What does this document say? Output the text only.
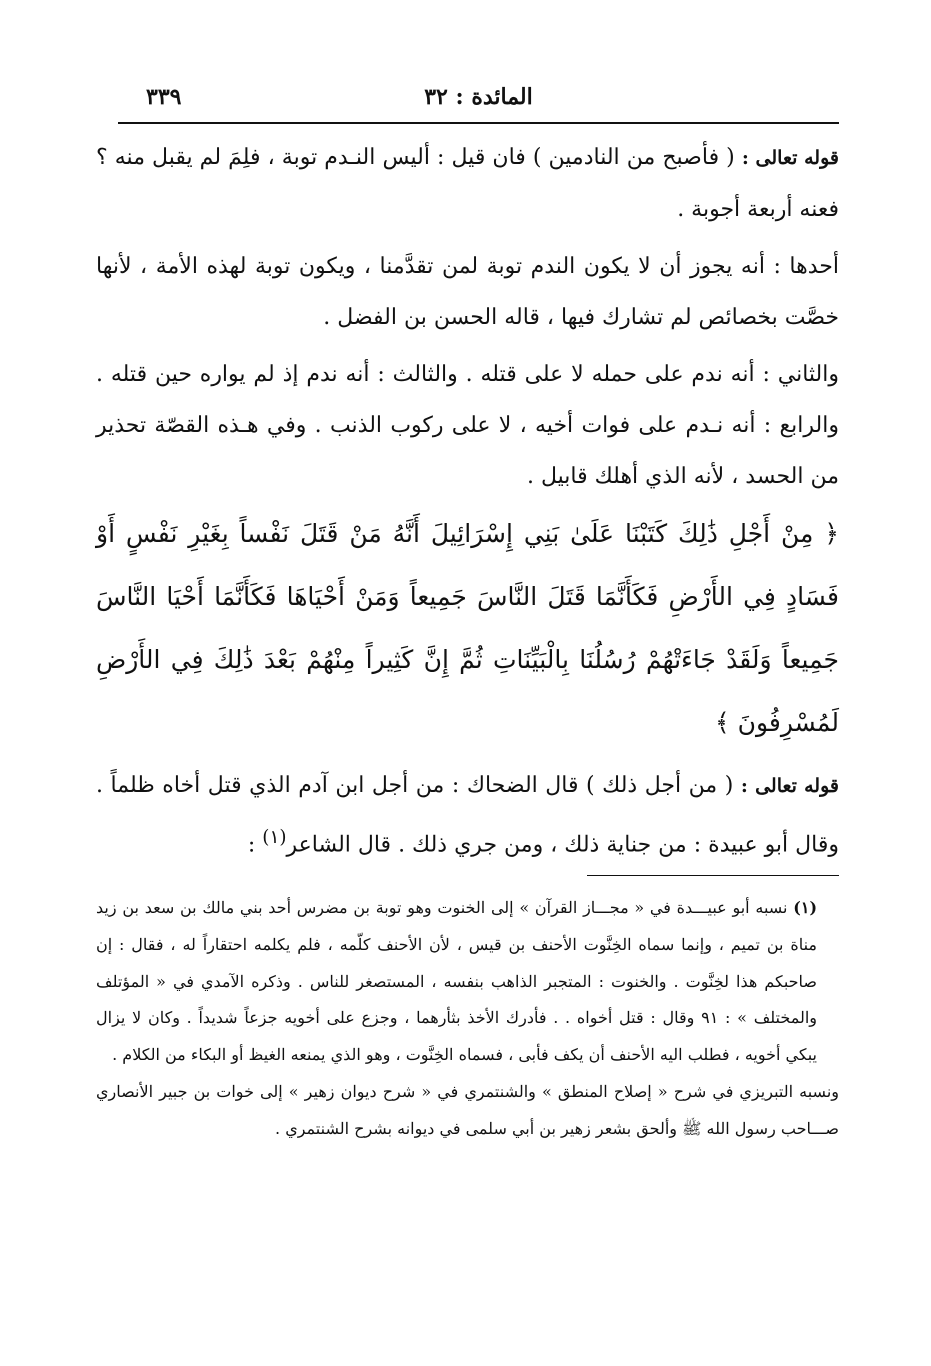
المائدة : ٣٢
٣٣٩

قوله تعالى : ( فأصبح من النادمين ) فان قيل : أليس النـدم توبة ، فلِمَ لم يقبل منه ؟ فعنه أربعة أجوبة .

أحدها : أنه يجوز أن لا يكون الندم توبة لمن تقدَّمنا ، ويكون توبة لهذه الأمة ، لأنها خصَّت بخصائص لم تشارك فيها ، قاله الحسن بن الفضل .

والثاني : أنه ندم على حمله لا على قتله . والثالث : أنه ندم إذ لم يواره حين قتله . والرابع : أنه نـدم على فوات أخيه ، لا على ركوب الذنب . وفي هـذه القصّة تحذير من الحسد ، لأنه الذي أهلك قابيل .

﴿ مِنْ أَجْلِ ذَٰلِكَ كَتَبْنَا عَلَىٰ بَنِي إِسْرَائِيلَ أَنَّهُ مَنْ قَتَلَ نَفْساً بِغَيْرِ نَفْسٍ أَوْ فَسَادٍ فِي الأَرْضِ فَكَأَنَّمَا قَتَلَ النَّاسَ جَمِيعاً وَمَنْ أَحْيَاهَا فَكَأَنَّمَا أَحْيَا النَّاسَ جَمِيعاً وَلَقَدْ جَاءَتْهُمْ رُسُلُنَا بِالْبَيِّنَاتِ ثُمَّ إِنَّ كَثِيراً مِنْهُمْ بَعْدَ ذَٰلِكَ فِي الأَرْضِ لَمُسْرِفُونَ ﴾

قوله تعالى : ( من أجل ذلك ) قال الضحاك : من أجل ابن آدم الذي قتل أخاه ظلماً . وقال أبو عبيدة : من جناية ذلك ، ومن جري ذلك . قال الشاعر$^{(١)}$ :

(١) نسبه أبو عبيـــدة في « مجـــاز القرآن » إلى الخنوت وهو توبة بن مضرس أحد بني مالك بن سعد بن زيد مناة بن تميم ، وإنما سماه الخِنَّوت الأحنف بن قيس ، لأن الأحنف كلّمه ، فلم يكلمه احتقاراً له ، فقال : إن صاحبكم هذا لخِنَّوت . والخنوت : المتجبر الذاهب بنفسه ، المستصغر للناس . وذكره الآمدي في « المؤتلف والمختلف » : ٩١ وقال : قتل أخواه . . فأدرك الأخذ بثأرهما ، وجزع على أخويه جزعاً شديداً . وكان لا يزال يبكي أخويه ، فطلب اليه الأحنف أن يكف فأبى ، فسماه الخِنَّوت ، وهو الذي يمنعه الغيظ أو البكاء من الكلام .

ونسبه التبريزي في شرح « إصلاح المنطق » والشنتمري في « شرح ديوان زهير » إلى خوات بن جبير الأنصاري صـــاحب رسول الله ﷺ وألحق بشعر زهير بن أبي سلمى في ديوانه بشرح الشنتمري .
